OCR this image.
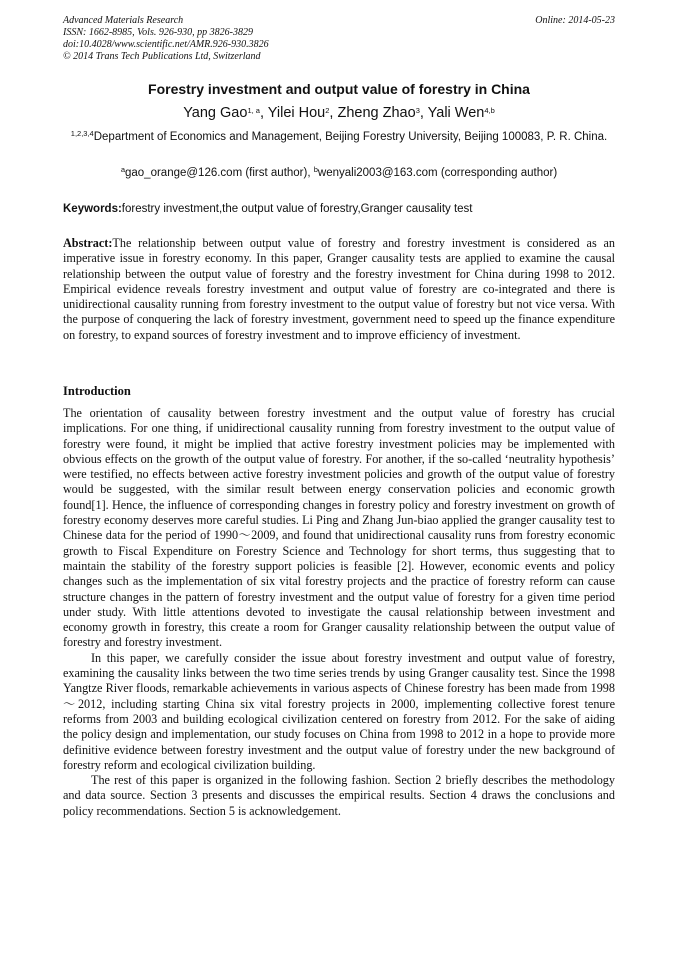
Advanced Materials Research
ISSN: 1662-8985, Vols. 926-930, pp 3826-3829
doi:10.4028/www.scientific.net/AMR.926-930.3826
© 2014 Trans Tech Publications Ltd, Switzerland
Online: 2014-05-23
Forestry investment and output value of forestry in China
Yang Gao$^{1, a}$, Yilei Hou$^2$, Zheng Zhao$^3$, Yali Wen$^{4,b}$
$^{1,2,3,4}$Department of Economics and Management, Beijing Forestry University, Beijing 100083, P. R. China.
$^a$gao_orange@126.com (first author), $^b$wenyali2003@163.com (corresponding author)
Keywords:forestry investment,the output value of forestry,Granger causality test
Abstract:The relationship between output value of forestry and forestry investment is considered as an imperative issue in forestry economy. In this paper, Granger causality tests are applied to examine the causal relationship between the output value of forestry and the forestry investment for China during 1998 to 2012. Empirical evidence reveals forestry investment and output value of forestry are co-integrated and there is unidirectional causality running from forestry investment to the output value of forestry but not vice versa. With the purpose of conquering the lack of forestry investment, government need to speed up the finance expenditure on forestry, to expand sources of forestry investment and to improve efficiency of investment.
Introduction

The orientation of causality between forestry investment and the output value of forestry has crucial implications. For one thing, if unidirectional causality running from forestry investment to the output value of forestry were found, it might be implied that active forestry investment policies may be implemented with obvious effects on the growth of the output value of forestry. For another, if the so-called ‘neutrality hypothesis’ were testified, no effects between active forestry investment policies and growth of the output value of forestry would be suggested, with the similar result between energy conservation policies and economic growth found[1]. Hence, the influence of corresponding changes in forestry policy and forestry investment on growth of forestry economy deserves more careful studies. Li Ping and Zhang Jun-biao applied the granger causality test to Chinese data for the period of 1990～2009, and found that unidirectional causality runs from forestry economic growth to Fiscal Expenditure on Forestry Science and Technology for short terms, thus suggesting that to maintain the stability of the forestry support policies is feasible [2]. However, economic events and policy changes such as the implementation of six vital forestry projects and the practice of forestry reform can cause structure changes in the pattern of forestry investment and the output value of forestry for a given time period under study. With little attentions devoted to investigate the causal relationship between investment and economy growth in forestry, this create a room for Granger causality relationship between the output value of forestry and forestry investment.

In this paper, we carefully consider the issue about forestry investment and output value of forestry, examining the causality links between the two time series trends by using Granger causality test. Since the 1998 Yangtze River floods, remarkable achievements in various aspects of Chinese forestry has been made from 1998～2012, including starting China six vital forestry projects in 2000, implementing collective forest tenure reforms from 2003 and building ecological civilization centered on forestry from 2012. For the sake of aiding the policy design and implementation, our study focuses on China from 1998 to 2012 in a hope to provide more definitive evidence between forestry investment and the output value of forestry under the new background of forestry reform and ecological civilization building.

The rest of this paper is organized in the following fashion. Section 2 briefly describes the methodology and data source. Section 3 presents and discusses the empirical results. Section 4 draws the conclusions and policy recommendations. Section 5 is acknowledgement.
